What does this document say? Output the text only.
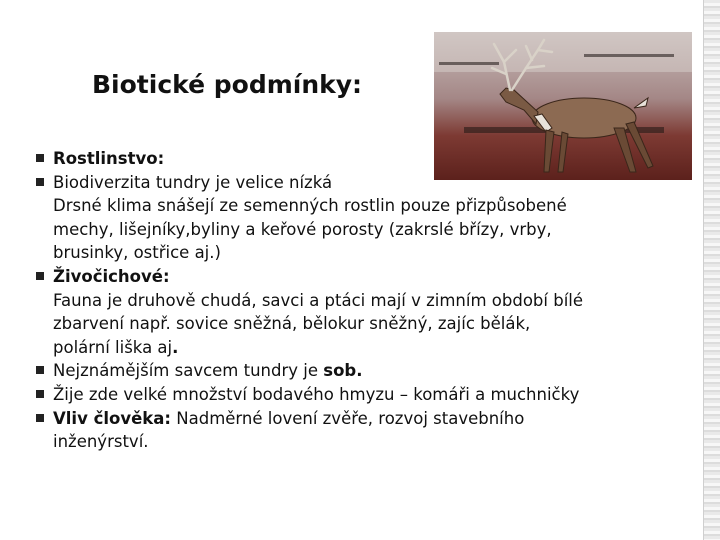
Biotické podmínky:
Rostlinstvo:
Biodiverzita tundry je velice nízká
Drsné klima snášejí ze semenných rostlin pouze přizpůsobené
mechy, lišejníky,byliny a keřové porosty (zakrslé břízy, vrby,
brusinky, ostřice aj.)
Živočichové:
Fauna je druhově chudá, savci a ptáci mají v zimním období bílé
zbarvení např. sovice sněžná, bělokur sněžný, zajíc bělák,
polární liška aj.
Nejznámějším savcem tundry je sob.
Žije zde velké množství bodavého hmyzu – komáři a muchničky
Vliv člověka: Nadměrné lovení zvěře, rozvoj stavebního
inženýrství.
